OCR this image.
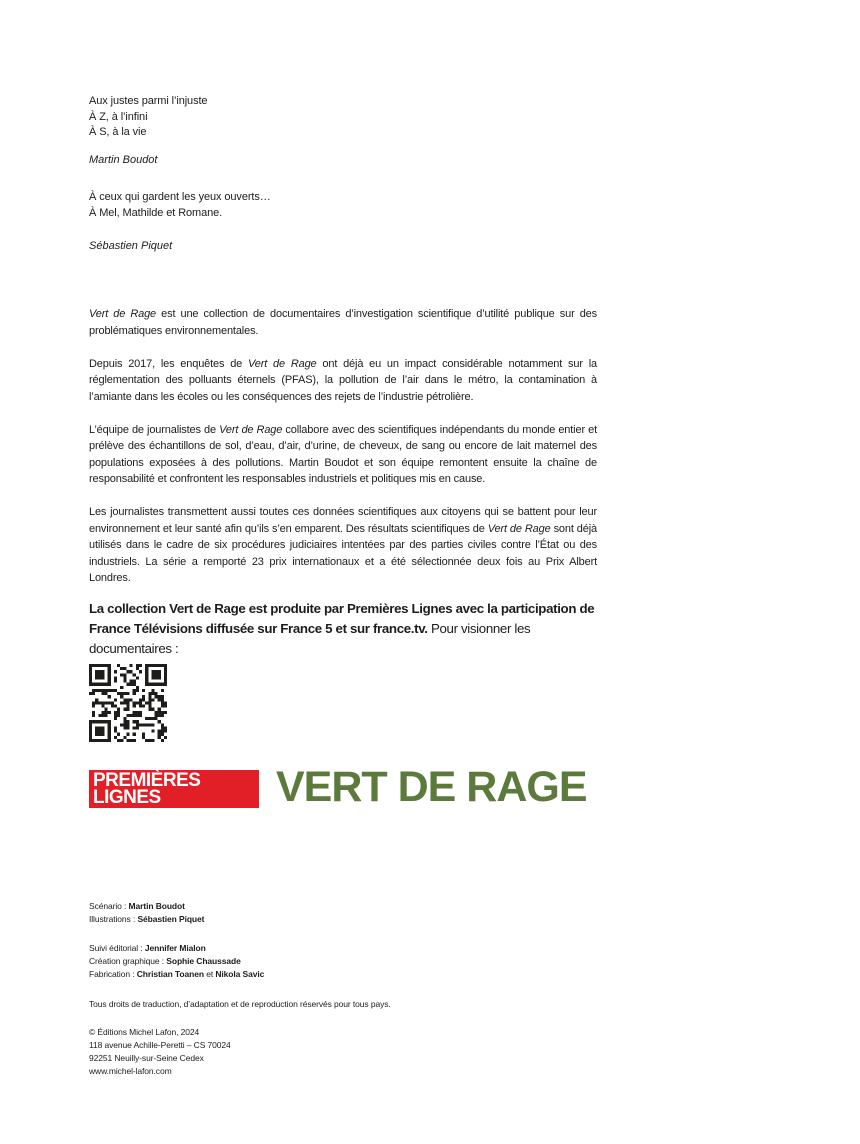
Aux justes parmi l’injuste

À Z, à l’infini

À S, à la vie

Martin Boudot

À ceux qui gardent les yeux ouverts…

À Mel, Mathilde et Romane.

Sébastien Piquet

Vert de Rage est une collection de documentaires d’investigation scientifique d’utilité publique sur des problématiques environnementales.

Depuis 2017, les enquêtes de Vert de Rage ont déjà eu un impact considérable notamment sur la réglementation des polluants éternels (PFAS), la pollution de l’air dans le métro, la contamination à l’amiante dans les écoles ou les conséquences des rejets de l’industrie pétrolière.

L’équipe de journalistes de Vert de Rage collabore avec des scientifiques indépendants du monde entier et prélève des échantillons de sol, d’eau, d’air, d’urine, de cheveux, de sang ou encore de lait maternel des populations exposées à des pollutions. Martin Boudot et son équipe remontent ensuite la chaîne de responsabilité et confrontent les responsables industriels et politiques mis en cause.

Les journalistes transmettent aussi toutes ces données scientifiques aux citoyens qui se battent pour leur environnement et leur santé afin qu’ils s’en emparent. Des résultats scientifiques de Vert de Rage sont déjà utilisés dans le cadre de six procédures judiciaires intentées par des parties civiles contre l’État ou des industriels. La série a remporté 23 prix internationaux et a été sélectionnée deux fois au Prix Albert Londres.

La collection Vert de Rage est produite par Premières Lignes avec la participation de France Télévisions diffusée sur France 5 et sur france.tv. Pour visionner les documentaires :
PREMIÈRES
LIGNES	VERT DE RAGE

Scénario : Martin Boudot

Illustrations : Sébastien Piquet

Suivi éditorial : Jennifer Mialon

Création graphique : Sophie Chaussade

Fabrication : Christian Toanen et Nikola Savic

Tous droits de traduction, d’adaptation et de reproduction réservés pour tous pays.

© Éditions Michel Lafon, 2024

118 avenue Achille-Peretti – CS 70024

92251 Neuilly-sur-Seine Cedex

www.michel-lafon.com
